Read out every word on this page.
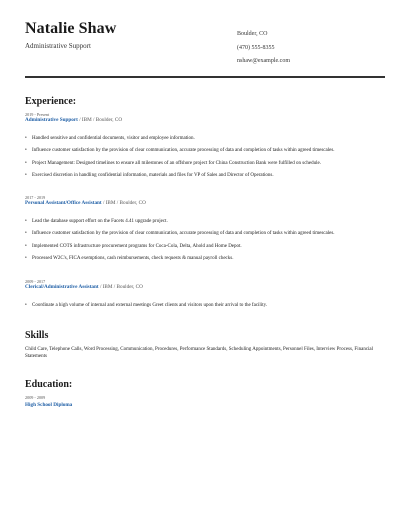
Natalie Shaw
Administrative Support
Boulder, CO
(470) 555-8355
nshaw@example.com
Experience:
2019 - Present
Administrative Support / IBM / Boulder, CO
• Handled sensitive and confidential documents, visitor and employee information.
• Influence customer satisfaction by the provision of clear communication, accurate processing of data and completion of tasks within agreed timescales.
• Project Management: Designed timelines to ensure all milestones of an offshore project for China Construction Bank were fulfilled on schedule.
• Exercised discretion in handling confidential information, materials and files for VP of Sales and Director of Operations.
2017 - 2019
Personal Assistant/Office Assistant / IBM / Boulder, CO
• Lead the database support effort on the Facets 4.41 upgrade project.
• Influence customer satisfaction by the provision of clear communication, accurate processing of data and completion of tasks within agreed timescales.
• Implemented COTS infrastructure procurement programs for Coca-Cola, Delta, Ahold and Home Depot.
• Processed W2C's, FICA exemptions, cash reimbursements, check requests & manual payroll checks.
2009 - 2017
Clerical/Administrative Assistant / IBM / Boulder, CO
• Coordinate a high volume of internal and external meetings Greet clients and visitors upon their arrival to the facility.
Skills
Child Care, Telephone Calls, Word Processing, Communication, Procedures, Performance Standards, Scheduling Appointments, Personnel Files, Interview Process, Financial Statements
Education:
2009 - 2009
High School Diploma
